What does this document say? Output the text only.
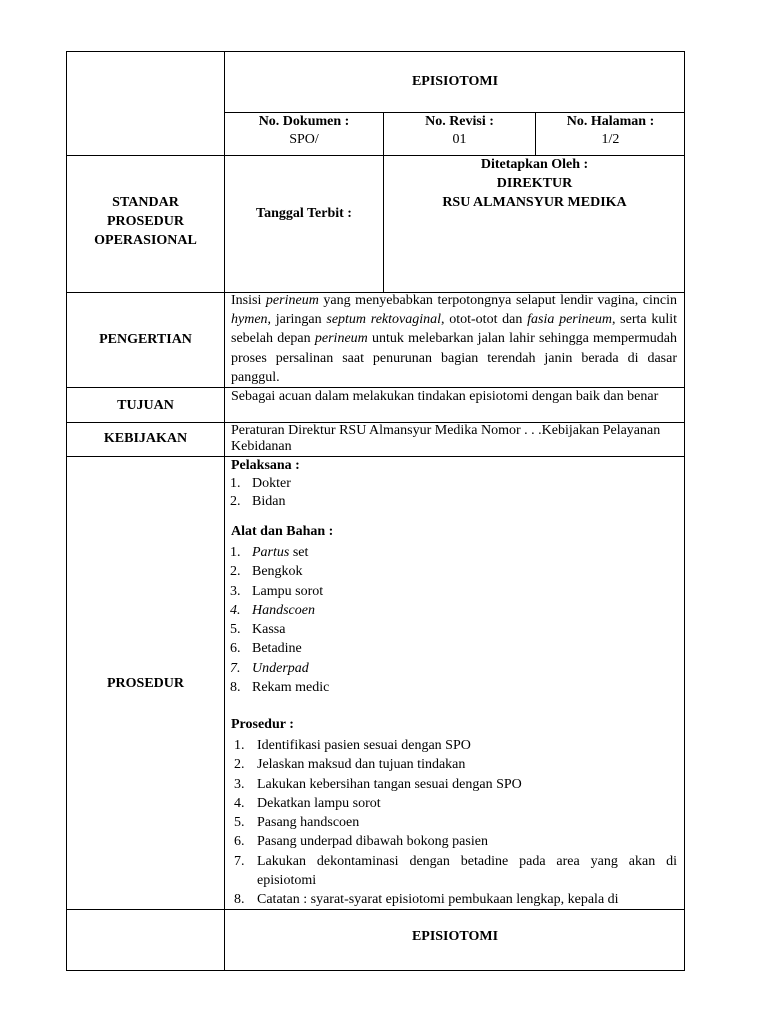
EPISIOTOMI
No. Dokumen :
SPO/
No. Revisi :
01
No. Halaman :
1/2
STANDAR
PROSEDUR
OPERASIONAL
Tanggal Terbit :
Ditetapkan Oleh :
DIREKTUR
RSU ALMANSYUR MEDIKA
PENGERTIAN
Insisi perineum yang menyebabkan terpotongnya selaput lendir vagina, cincin hymen, jaringan septum rektovaginal, otot-otot dan fasia perineum, serta kulit sebelah depan perineum untuk melebarkan jalan lahir sehingga mempermudah proses persalinan saat penurunan bagian terendah janin berada di dasar panggul.
TUJUAN
Sebagai acuan dalam melakukan tindakan episiotomi dengan baik dan benar
KEBIJAKAN
Peraturan Direktur RSU Almansyur Medika Nomor . . .Kebijakan Pelayanan Kebidanan
PROSEDUR
Pelaksana :
1. Dokter
2. Bidan
Alat dan Bahan :
1. Partus set
2. Bengkok
3. Lampu sorot
4. Handscoen
5. Kassa
6. Betadine
7. Underpad
8. Rekam medic
Prosedur :
1. Identifikasi pasien sesuai dengan SPO
2. Jelaskan maksud dan tujuan tindakan
3. Lakukan kebersihan tangan sesuai dengan SPO
4. Dekatkan lampu sorot
5. Pasang handscoen
6. Pasang underpad dibawah bokong pasien
7. Lakukan dekontaminasi dengan betadine pada area yang akan di episiotomi
8. Catatan : syarat-syarat episiotomi pembukaan lengkap, kepala di
EPISIOTOMI
